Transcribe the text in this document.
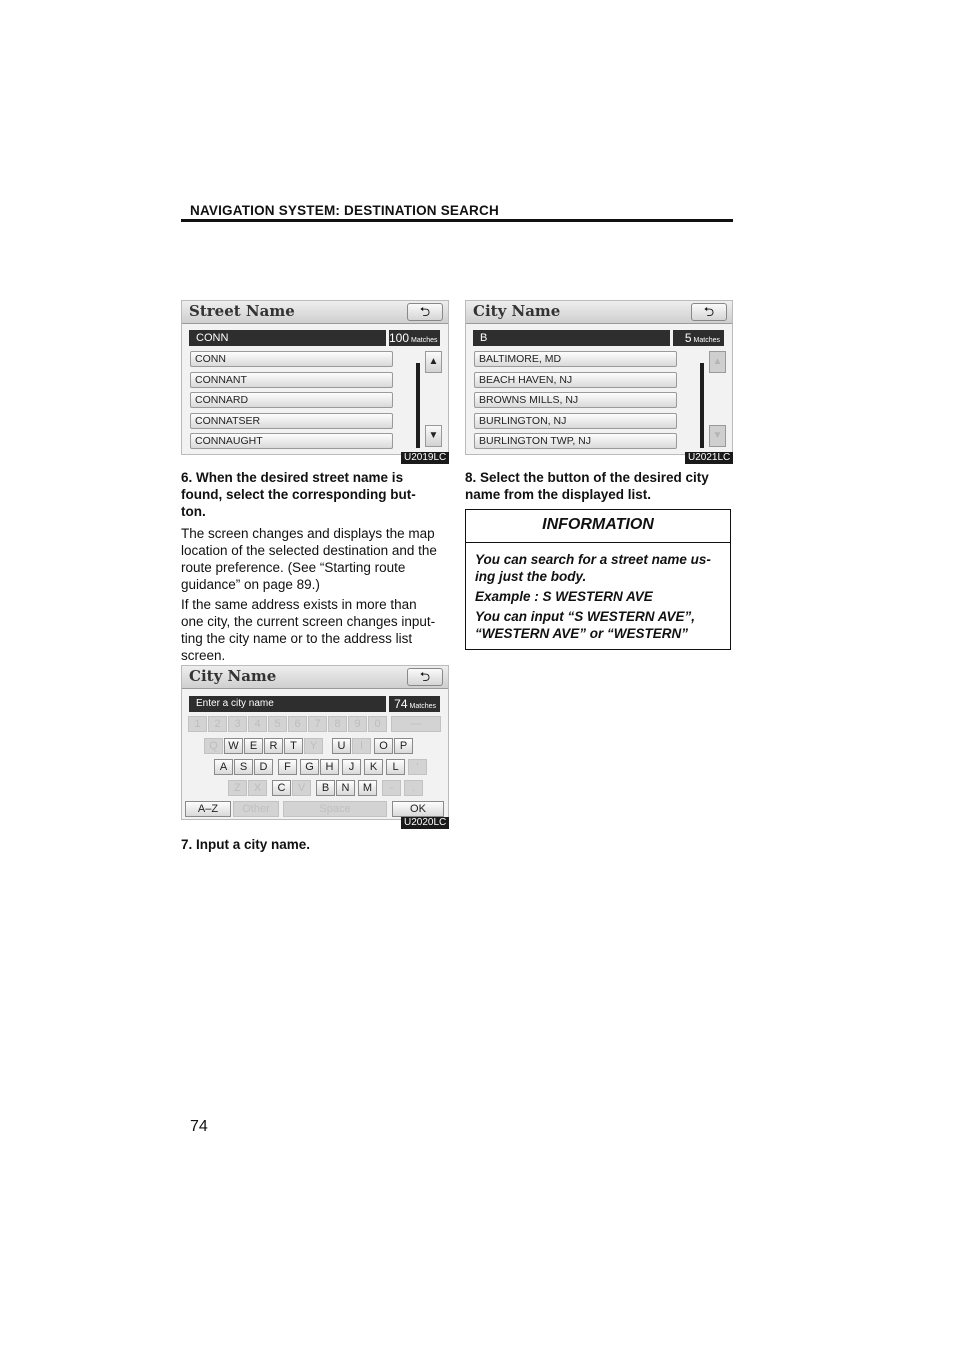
NAVIGATION SYSTEM: DESTINATION SEARCH
Street Name	⮌
CONN	100 Matches
CONN
CONNANT
CONNARD
CONNATSER
CONNAUGHT
▲
▼
U2019LC
City Name	⮌
B	5 Matches
BALTIMORE, MD
BEACH HAVEN, NJ
BROWNS MILLS, NJ
BURLINGTON, NJ
BURLINGTON TWP, NJ
▲
▼
U2021LC
City Name	⮌
Enter a city name	74 Matches
1	2	3	4	5	6	7	8	9	0	—
Q W	E	R	T	Y	U	I	O	P
A	S	D	F	G	H	J	K	L	'
Z	X	C	V	B	N	M	-	.
A–Z	Other	Space	OK
U2020LC
6. When the desired street name is
found, select the corresponding but-
ton.
The screen changes and displays the map
location of the selected destination and the
route preference. (See “Starting route
guidance” on page 89.)
If the same address exists in more than
one city, the current screen changes input-
ting the city name or to the address list
screen.
7. Input a city name.
8. Select the button of the desired city
name from the displayed list.
INFORMATION
You can search for a street name us-
ing just the body.
Example : S WESTERN AVE
You can input “S WESTERN AVE”,
“WESTERN AVE” or “WESTERN”
74
